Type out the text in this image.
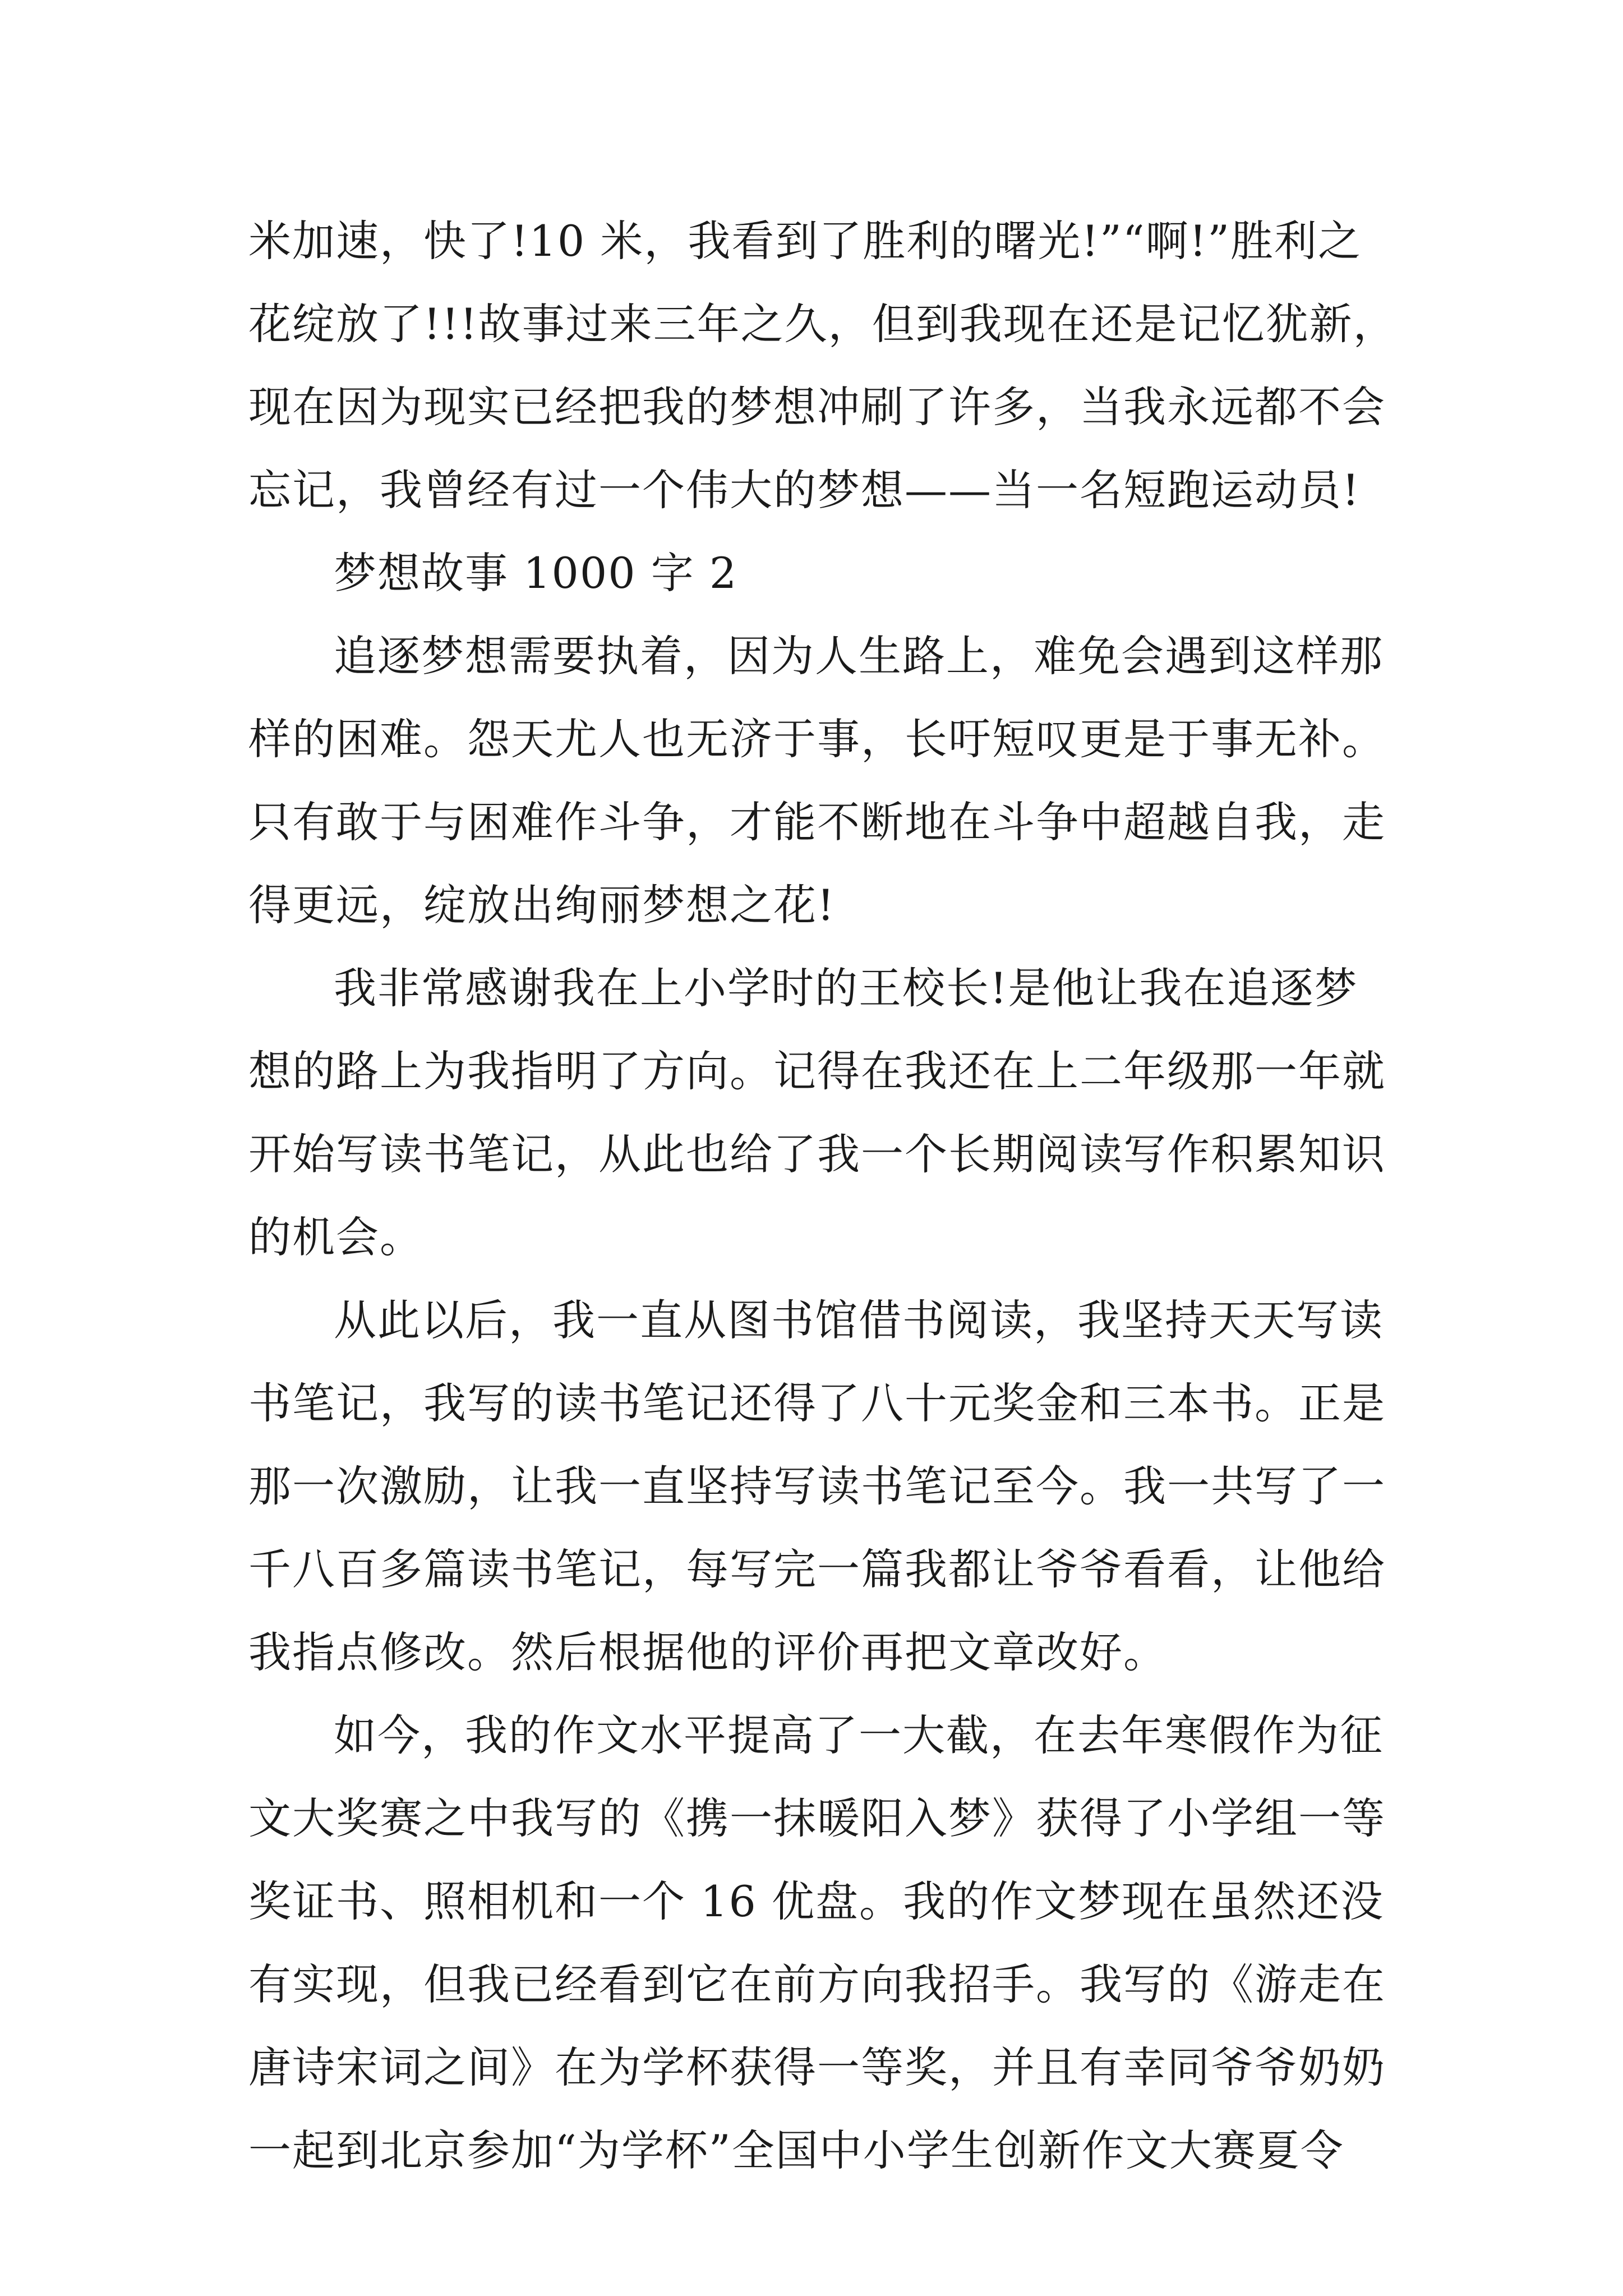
米加速，快了!10 米，我看到了胜利的曙光!”“啊!”胜利之
花绽放了!!!故事过来三年之久，但到我现在还是记忆犹新，
现在因为现实已经把我的梦想冲刷了许多，当我永远都不会
忘记，我曾经有过一个伟大的梦想——当一名短跑运动员!
梦想故事 1000 字 2
追逐梦想需要执着，因为人生路上，难免会遇到这样那
样的困难。怨天尤人也无济于事，长吁短叹更是于事无补。
只有敢于与困难作斗争，才能不断地在斗争中超越自我，走
得更远，绽放出绚丽梦想之花!
我非常感谢我在上小学时的王校长!是他让我在追逐梦
想的路上为我指明了方向。记得在我还在上二年级那一年就
开始写读书笔记，从此也给了我一个长期阅读写作积累知识
的机会。
从此以后，我一直从图书馆借书阅读，我坚持天天写读
书笔记，我写的读书笔记还得了八十元奖金和三本书。正是
那一次激励，让我一直坚持写读书笔记至今。我一共写了一
千八百多篇读书笔记，每写完一篇我都让爷爷看看，让他给
我指点修改。然后根据他的评价再把文章改好。
如今，我的作文水平提高了一大截，在去年寒假作为征
文大奖赛之中我写的《携一抹暖阳入梦》获得了小学组一等
奖证书、照相机和一个 16 优盘。我的作文梦现在虽然还没
有实现，但我已经看到它在前方向我招手。我写的《游走在
唐诗宋词之间》在为学杯获得一等奖，并且有幸同爷爷奶奶
一起到北京参加“为学杯”全国中小学生创新作文大赛夏令
